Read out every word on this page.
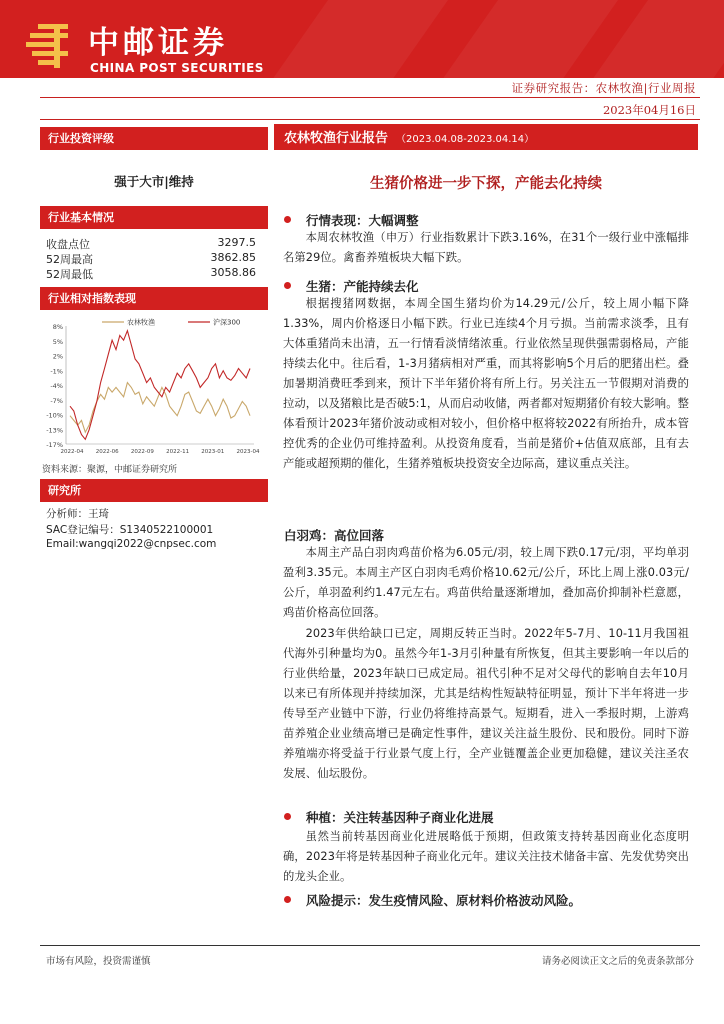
中邮证券
CHINA POST SECURITIES
证券研究报告：农林牧渔|行业周报
2023年04月16日
行业投资评级
强于大市|维持
行业基本情况
收盘点位	3297.5
52周最高	3862.85
52周最低	3058.86
行业相对指数表现
8%
5%
2%
-1%
-4%
-7%
-10%
-13%
-17%
2022-04 2022-06 2022-09 2022-11 2023-01 2023-04
农林牧渔	沪深300
资料来源：聚源，中邮证券研究所
研究所
分析师：王琦
SAC登记编号：S1340522100001
Email:wangqi2022@cnpsec.com
农林牧渔行业报告 （2023.04.08-2023.04.14）
生猪价格进一步下探，产能去化持续
行情表现：大幅调整

本周农林牧渔（申万）行业指数累计下跌3.16%，在31个一级行业中涨幅排名第29位。禽畜养殖板块大幅下跌。

生猪：产能持续去化

根据搜猪网数据，本周全国生猪均价为14.29元/公斤，较上周小幅下降1.33%，周内价格逐日小幅下跌。行业已连续4个月亏损。当前需求淡季，且有大体重猪尚未出清，五一行情看淡情绪浓重。行业依然呈现供强需弱格局，产能持续去化中。往后看，1-3月猪病相对严重，而其将影响5个月后的肥猪出栏。叠加暑期消费旺季到来，预计下半年猪价将有所上行。另关注五一节假期对消费的拉动，以及猪粮比是否破5:1，从而启动收储，两者都对短期猪价有较大影响。整体看预计2023年猪价波动或相对较小，但价格中枢将较2022有所抬升，成本管控优秀的企业仍可维持盈利。从投资角度看，当前是猪价+估值双底部，且有去产能或超预期的催化，生猪养殖板块投资安全边际高，建议重点关注。

白羽鸡：高位回落

本周主产品白羽肉鸡苗价格为6.05元/羽，较上周下跌0.17元/羽，平均单羽盈利3.35元。本周主产区白羽肉毛鸡价格10.62元/公斤，环比上周上涨0.03元/公斤，单羽盈利约1.47元左右。鸡苗供给量逐渐增加，叠加高价抑制补栏意愿，鸡苗价格高位回落。

2023年供给缺口已定，周期反转正当时。2022年5-7月、10-11月我国祖代海外引种量均为0。虽然今年1-3月引种量有所恢复，但其主要影响一年以后的行业供给量，2023年缺口已成定局。祖代引种不足对父母代的影响自去年10月以来已有所体现并持续加深，尤其是结构性短缺特征明显，预计下半年将进一步传导至产业链中下游，行业仍将维持高景气。短期看，进入一季报时期，上游鸡苗养殖企业业绩高增已是确定性事件，建议关注益生股份、民和股份。同时下游养殖端亦将受益于行业景气度上行，全产业链覆盖企业更加稳健，建议关注圣农发展、仙坛股份。

种植：关注转基因种子商业化进展

虽然当前转基因商业化进展略低于预期，但政策支持转基因商业化态度明确，2023年将是转基因种子商业化元年。建议关注技术储备丰富、先发优势突出的龙头企业。

风险提示：发生疫情风险、原材料价格波动风险。
市场有风险，投资需谨慎	请务必阅读正文之后的免责条款部分
